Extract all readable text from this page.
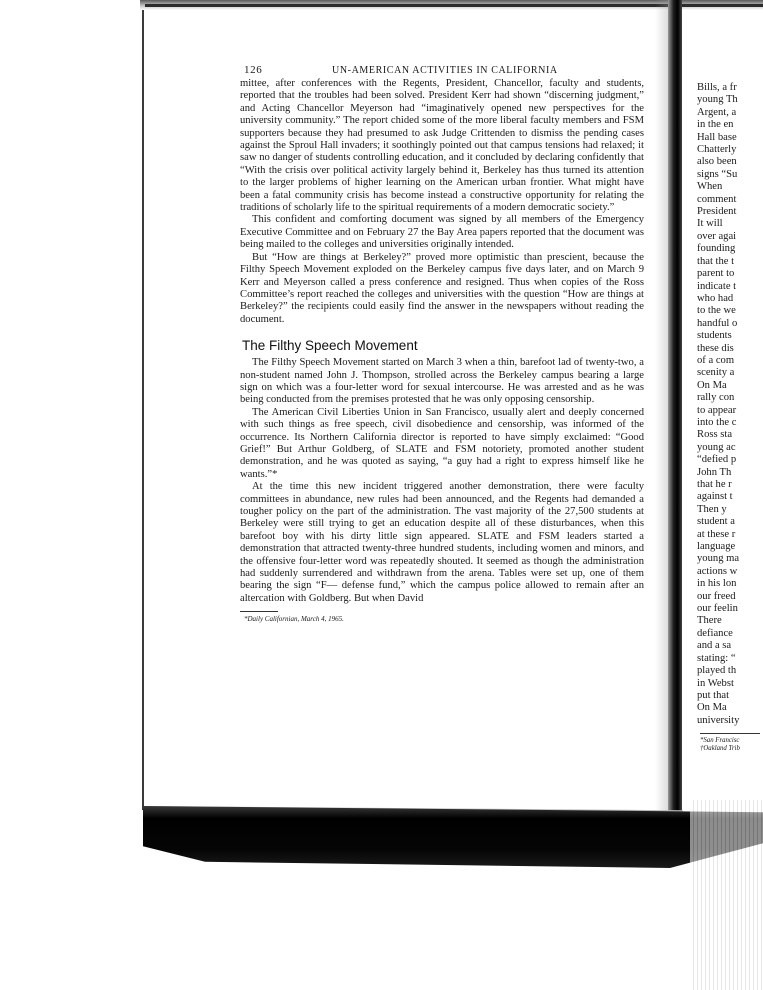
126	UN-AMERICAN ACTIVITIES IN CALIFORNIA

mittee, after conferences with the Regents, President, Chancellor, faculty and students, reported that the troubles had been solved. President Kerr had shown “discerning judgment,” and Acting Chancellor Meyerson had “imaginatively opened new perspectives for the university community.” The report chided some of the more liberal faculty members and FSM supporters because they had presumed to ask Judge Crittenden to dismiss the pending cases against the Sproul Hall invaders; it soothingly pointed out that campus tensions had relaxed; it saw no danger of students controlling education, and it concluded by declaring confidently that “With the crisis over political activity largely behind it, Berkeley has thus turned its attention to the larger problems of higher learning on the American urban frontier. What might have been a fatal community crisis has become instead a constructive opportunity for relating the traditions of scholarly life to the spiritual requirements of a modern democratic society.”

This confident and comforting document was signed by all members of the Emergency Executive Committee and on February 27 the Bay Area papers reported that the document was being mailed to the colleges and universities originally intended.

But “How are things at Berkeley?” proved more optimistic than prescient, because the Filthy Speech Movement exploded on the Berkeley campus five days later, and on March 9 Kerr and Meyerson called a press conference and resigned. Thus when copies of the Ross Committee’s report reached the colleges and universities with the question “How are things at Berkeley?” the recipients could easily find the answer in the newspapers without reading the document.

The Filthy Speech Movement

The Filthy Speech Movement started on March 3 when a thin, barefoot lad of twenty-two, a non-student named John J. Thompson, strolled across the Berkeley campus bearing a large sign on which was a four-letter word for sexual intercourse. He was arrested and as he was being conducted from the premises protested that he was only opposing censorship.

The American Civil Liberties Union in San Francisco, usually alert and deeply concerned with such things as free speech, civil disobedience and censorship, was informed of the occurrence. Its Northern California director is reported to have simply exclaimed: “Good Grief!” But Arthur Goldberg, of SLATE and FSM notoriety, promoted another student demonstration, and he was quoted as saying, “a guy had a right to express himself like he wants.”*

At the time this new incident triggered another demonstration, there were faculty committees in abundance, new rules had been announced, and the Regents had demanded a tougher policy on the part of the administration. The vast majority of the 27,500 students at Berkeley were still trying to get an education despite all of these disturbances, when this barefoot boy with his dirty little sign appeared. SLATE and FSM leaders started a demonstration that attracted twenty-three hundred students, including women and minors, and the offensive four-letter word was repeatedly shouted. It seemed as though the administration had suddenly surrendered and withdrawn from the arena. Tables were set up, one of them bearing the sign “F— defense fund,” which the campus police allowed to remain after an altercation with Goldberg. But when David

*Daily Californian, March 4, 1965.
Bills, a fr
young Th
Argent, a
in the en
Hall base
Chatterly
also been
signs “Su
When
comment
President
It will
over agai
founding
that the t
parent to
indicate t
who had
to the we
handful o
students
these dis
of a com
scenity a
On Ma
rally con
to appear
into the c
Ross sta
young ac
“defied p
John Th
that he r
against t
Then y
student a
at these r
language
young ma
actions w
in his lon
our freed
our feelin
There
defiance
and a sa
stating: “
played th
in Webst
put that
On Ma
university
*San Francisc
†Oakland Trib
